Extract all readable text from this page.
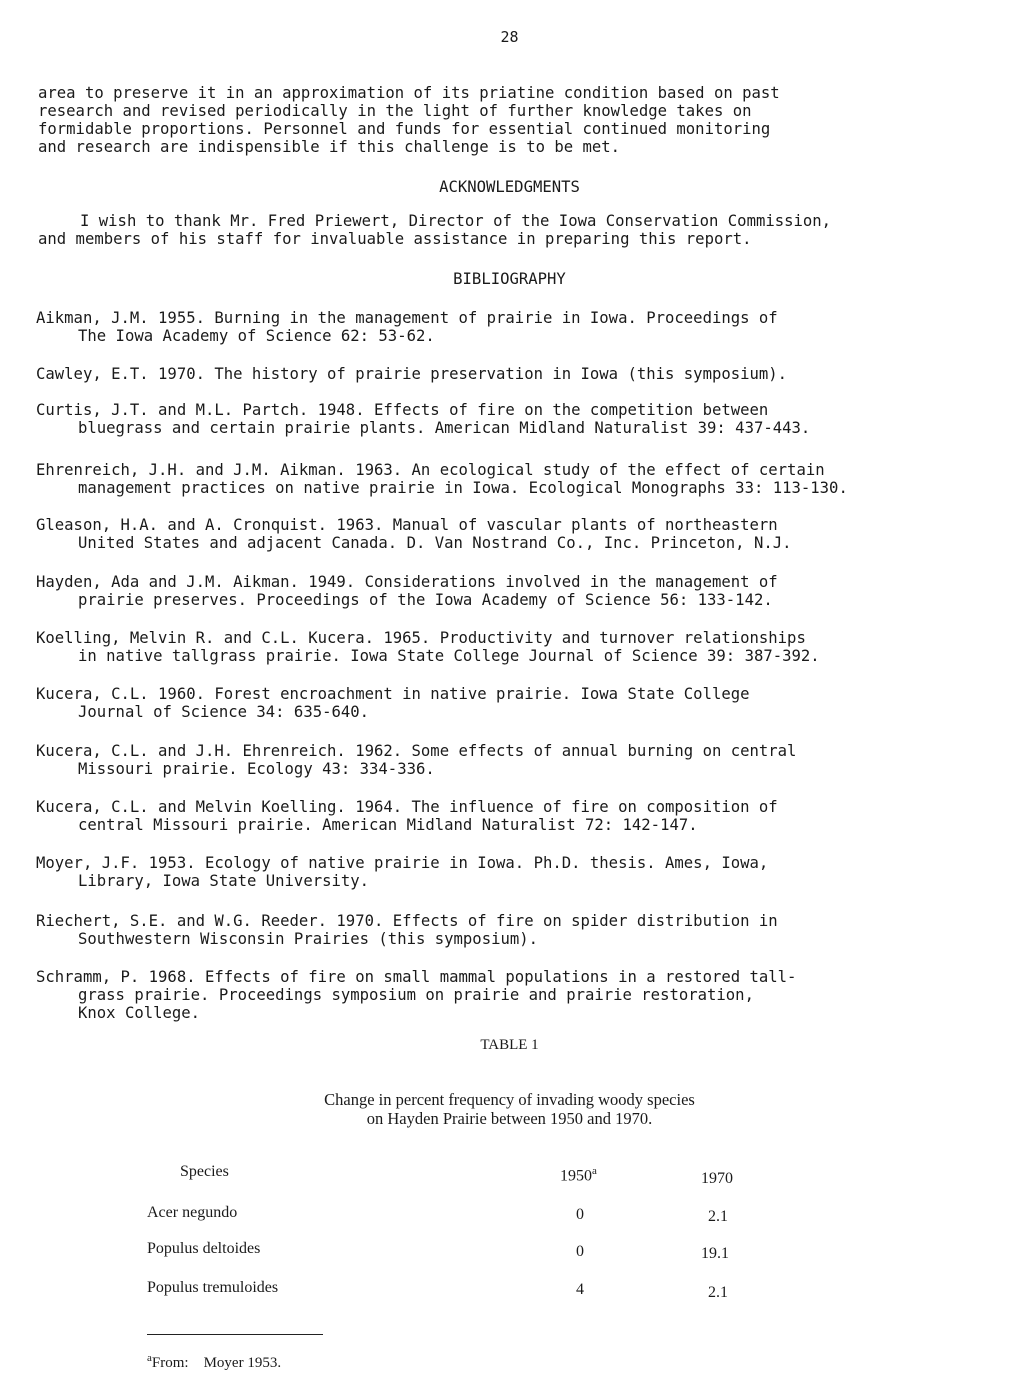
28
area to preserve it in an approximation of its priatine condition based on past
research and revised periodically in the light of further knowledge takes on
formidable proportions. Personnel and funds for essential continued monitoring
and research are indispensible if this challenge is to be met.
ACKNOWLEDGMENTS
I wish to thank Mr. Fred Priewert, Director of the Iowa Conservation Commission,
and members of his staff for invaluable assistance in preparing this report.
BIBLIOGRAPHY
Aikman, J.M. 1955. Burning in the management of prairie in Iowa. Proceedings of
The Iowa Academy of Science 62: 53-62.
Cawley, E.T. 1970. The history of prairie preservation in Iowa (this symposium).
Curtis, J.T. and M.L. Partch. 1948. Effects of fire on the competition between
bluegrass and certain prairie plants. American Midland Naturalist 39: 437-443.
Ehrenreich, J.H. and J.M. Aikman. 1963. An ecological study of the effect of certain
management practices on native prairie in Iowa. Ecological Monographs 33: 113-130.
Gleason, H.A. and A. Cronquist. 1963. Manual of vascular plants of northeastern
United States and adjacent Canada. D. Van Nostrand Co., Inc. Princeton, N.J.
Hayden, Ada and J.M. Aikman. 1949. Considerations involved in the management of
prairie preserves. Proceedings of the Iowa Academy of Science 56: 133-142.
Koelling, Melvin R. and C.L. Kucera. 1965. Productivity and turnover relationships
in native tallgrass prairie. Iowa State College Journal of Science 39: 387-392.
Kucera, C.L. 1960. Forest encroachment in native prairie. Iowa State College
Journal of Science 34: 635-640.
Kucera, C.L. and J.H. Ehrenreich. 1962. Some effects of annual burning on central
Missouri prairie. Ecology 43: 334-336.
Kucera, C.L. and Melvin Koelling. 1964. The influence of fire on composition of
central Missouri prairie. American Midland Naturalist 72: 142-147.
Moyer, J.F. 1953. Ecology of native prairie in Iowa. Ph.D. thesis. Ames, Iowa,
Library, Iowa State University.
Riechert, S.E. and W.G. Reeder. 1970. Effects of fire on spider distribution in
Southwestern Wisconsin Prairies (this symposium).
Schramm, P. 1968. Effects of fire on small mammal populations in a restored tall-
grass prairie. Proceedings symposium on prairie and prairie restoration,
Knox College.
TABLE 1
Change in percent frequency of invading woody species
on Hayden Prairie between 1950 and 1970.
Species	1950$^a$	1970
Acer negundo	0	2.1
Populus deltoides	0	19.1
Populus tremuloides	4	2.1
$^a$From: Moyer 1953.
